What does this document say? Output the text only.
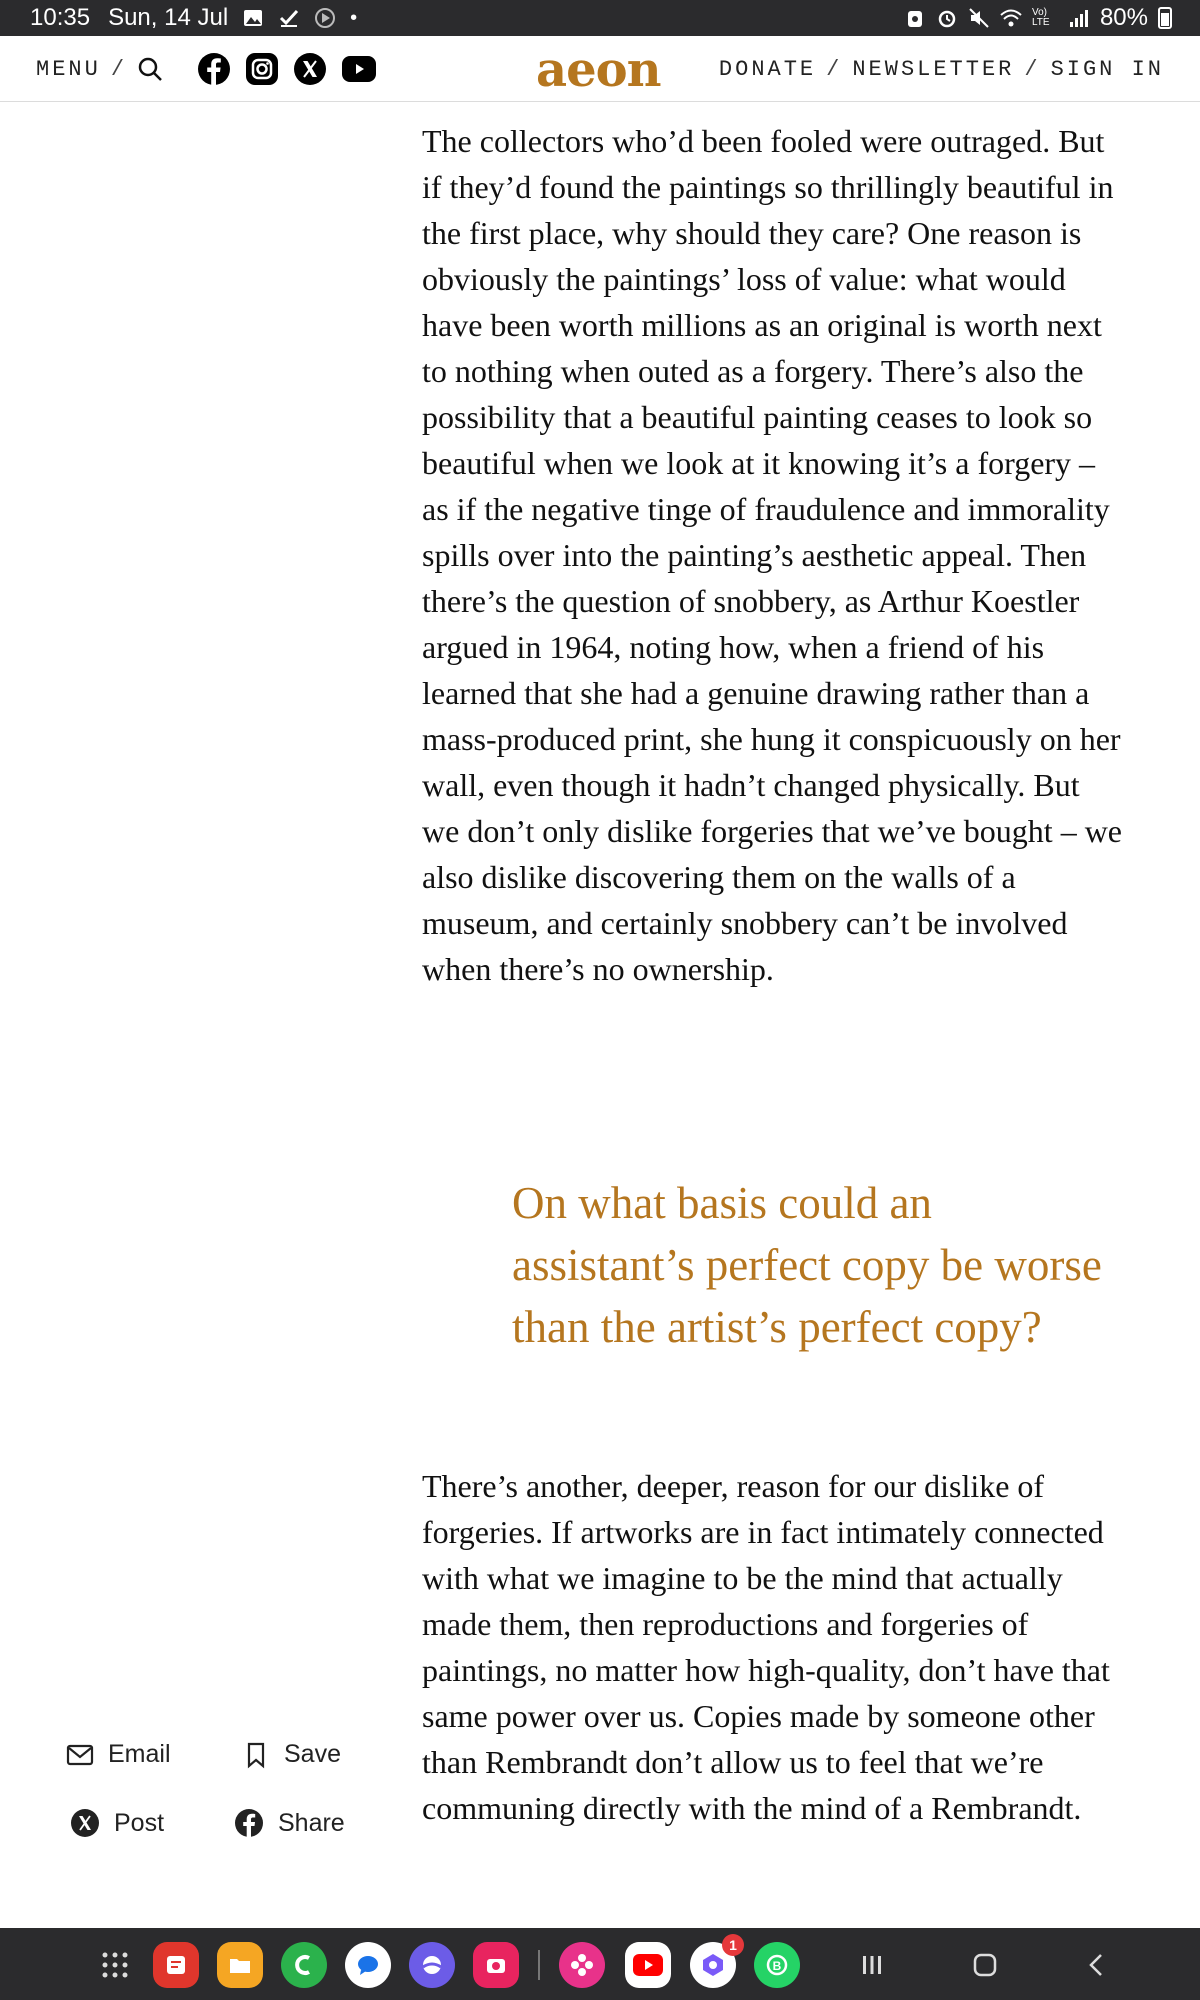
10:35 Sun, 14 Jul	•	Vo) LTE	80%
MENU /	aeon	DONATE / NEWSLETTER / SIGN IN

The collectors who’d been fooled were outraged. But if they’d found the paintings so thrillingly beautiful in the first place, why should they care? One reason is obviously the paintings’ loss of value: what would have been worth millions as an original is worth next to nothing when outed as a forgery. There’s also the possibility that a beautiful painting ceases to look so beautiful when we look at it knowing it’s a forgery – as if the negative tinge of fraudulence and immorality spills over into the painting’s aesthetic appeal. Then there’s the question of snobbery, as Arthur Koestler argued in 1964, noting how, when a friend of his learned that she had a genuine drawing rather than a mass-produced print, she hung it conspicuously on her wall, even though it hadn’t changed physically. But we don’t only dislike forgeries that we’ve bought – we also dislike discovering them on the walls of a museum, and certainly snobbery can’t be involved when there’s no ownership.

On what basis could an assistant’s perfect copy be worse than the artist’s perfect copy?

There’s another, deeper, reason for our dislike of forgeries. If artworks are in fact intimately connected with what we imagine to be the mind that actually made them, then reproductions and forgeries of paintings, no matter how high-quality, don’t have that same power over us. Copies made by someone other than Rembrandt don’t allow us to feel that we’re communing directly with the mind of a Rembrandt.

Email	Save
Post	Share
1
B
